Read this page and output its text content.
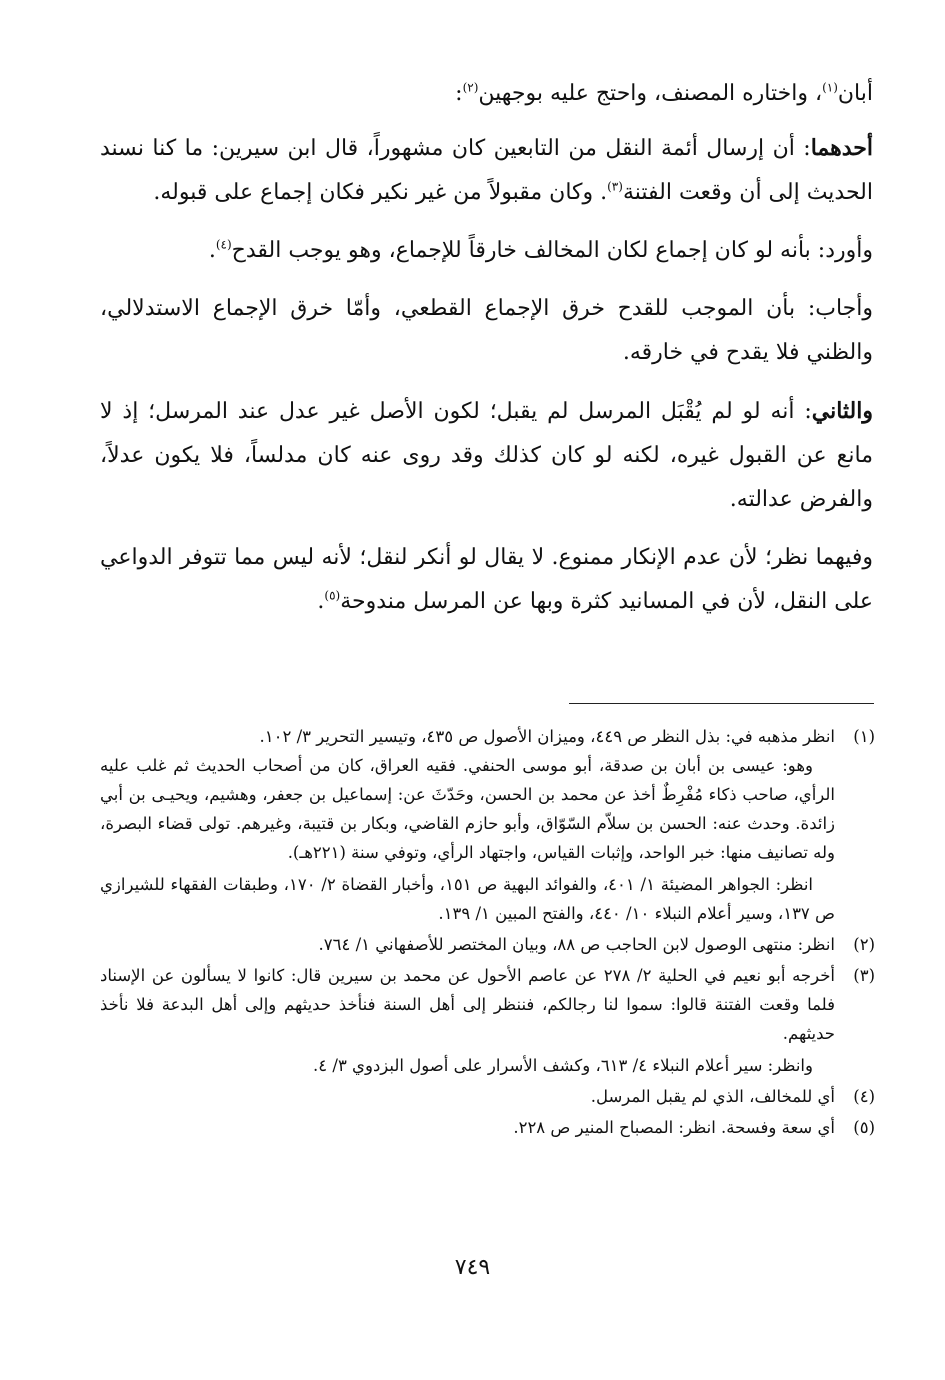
أبان$^{(١)}$، واختاره المصنف، واحتج عليه بوجهين$^{(٢)}$:

أحدهما: أن إرسال أئمة النقل من التابعين كان مشهوراً، قال ابن سيرين: ما كنا نسند الحديث إلى أن وقعت الفتنة$^{(٣)}$. وكان مقبولاً من غير نكير فكان إجماع على قبوله.

وأورد: بأنه لو كان إجماع لكان المخالف خارقاً للإجماع، وهو يوجب القدح$^{(٤)}$.

وأجاب: بأن الموجب للقدح خرق الإجماع القطعي، وأمّا خرق الإجماع الاستدلالي، والظني فلا يقدح في خارقه.

والثاني: أنه لو لم يُقْبَل المرسل لم يقبل؛ لكون الأصل غير عدل عند المرسل؛ إذ لا مانع عن القبول غيره، لكنه لو كان كذلك وقد روى عنه كان مدلساً، فلا يكون عدلاً، والفرض عدالته.

وفيهما نظر؛ لأن عدم الإنكار ممنوع. لا يقال لو أنكر لنقل؛ لأنه ليس مما تتوفر الدواعي على النقل، لأن في المسانيد كثرة وبها عن المرسل مندوحة$^{(٥)}$.

(١)

انظر مذهبه في: بذل النظر ص ٤٤٩، وميزان الأصول ص ٤٣٥، وتيسير التحرير ٣/ ١٠٢.

وهو: عيسى بن أبان بن صدقة، أبو موسى الحنفي. فقيه العراق، كان من أصحاب الحديث ثم غلب عليه الرأي، صاحب ذكاء مُفْرِطٌ أخذ عن محمد بن الحسن، وحَدّثَ عن: إسماعيل بن جعفر، وهشيم، ويحيـى بن أبي زائدة. وحدث عنه: الحسن بن سلاّم السّوّاق، وأبو حازم القاضي، وبكار بن قتيبة، وغيرهم. تولى قضاء البصرة، وله تصانيف منها: خبر الواحد، وإثبات القياس، واجتهاد الرأي، وتوفي سنة (٢٢١هـ).

انظر: الجواهر المضيئة ١/ ٤٠١، والفوائد البهية ص ١٥١، وأخبار القضاة ٢/ ١٧٠، وطبقات الفقهاء للشيرازي ص ١٣٧، وسير أعلام النبلاء ١٠/ ٤٤٠، والفتح المبين ١/ ١٣٩.

(٢)

انظر: منتهى الوصول لابن الحاجب ص ٨٨، وبيان المختصر للأصفهاني ١/ ٧٦٤.

(٣)

أخرجه أبو نعيم في الحلية ٢/ ٢٧٨ عن عاصم الأحول عن محمد بن سيرين قال: كانوا لا يسألون عن الإسناد فلما وقعت الفتنة قالوا: سموا لنا رجالكم، فننظر إلى أهل السنة فنأخذ حديثهم وإلى أهل البدعة فلا نأخذ حديثهم.

وانظر: سير أعلام النبلاء ٤/ ٦١٣، وكشف الأسرار على أصول البزدوي ٣/ ٤.

(٤)

أي للمخالف، الذي لم يقبل المرسل.

(٥)

أي سعة وفسحة. انظر: المصباح المنير ص ٢٢٨.

٧٤٩
